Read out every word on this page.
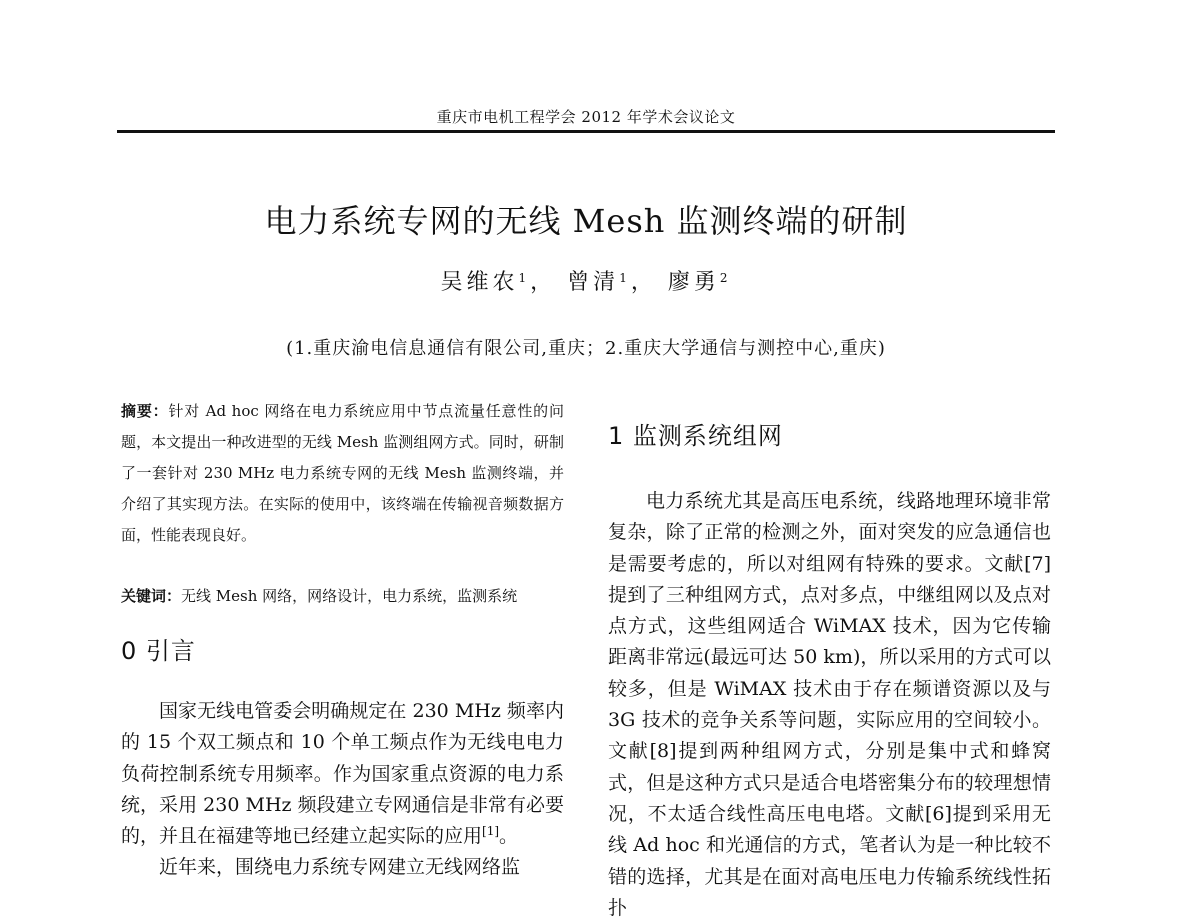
重庆市电机工程学会 2012 年学术会议论文
电力系统专网的无线 Mesh 监测终端的研制
吴维农$^1$， 曾清$^1$， 廖勇$^2$
(1.重庆渝电信息通信有限公司,重庆；2.重庆大学通信与测控中心,重庆)

摘要：针对 Ad hoc 网络在电力系统应用中节点流量任意性的问题，本文提出一种改进型的无线 Mesh 监测组网方式。同时，研制了一套针对 230 MHz 电力系统专网的无线 Mesh 监测终端，并介绍了其实现方法。在实际的使用中，该终端在传输视音频数据方面，性能表现良好。

关键词：无线 Mesh 网络，网络设计，电力系统，监测系统

0 引言

国家无线电管委会明确规定在 230 MHz 频率内的 15 个双工频点和 10 个单工频点作为无线电电力负荷控制系统专用频率。作为国家重点资源的电力系统，采用 230 MHz 频段建立专网通信是非常有必要的，并且在福建等地已经建立起实际的应用[1]。

近年来，围绕电力系统专网建立无线网络监

1 监测系统组网

电力系统尤其是高压电系统，线路地理环境非常复杂，除了正常的检测之外，面对突发的应急通信也是需要考虑的，所以对组网有特殊的要求。文献[7]提到了三种组网方式，点对多点，中继组网以及点对点方式，这些组网适合 WiMAX 技术，因为它传输距离非常远(最远可达 50 km)，所以采用的方式可以较多，但是 WiMAX 技术由于存在频谱资源以及与 3G 技术的竞争关系等问题，实际应用的空间较小。文献[8]提到两种组网方式，分别是集中式和蜂窝式，但是这种方式只是适合电塔密集分布的较理想情况，不太适合线性高压电电塔。文献[6]提到采用无线 Ad hoc 和光通信的方式，笔者认为是一种比较不错的选择，尤其是在面对高电压电力传输系统线性拓扑
